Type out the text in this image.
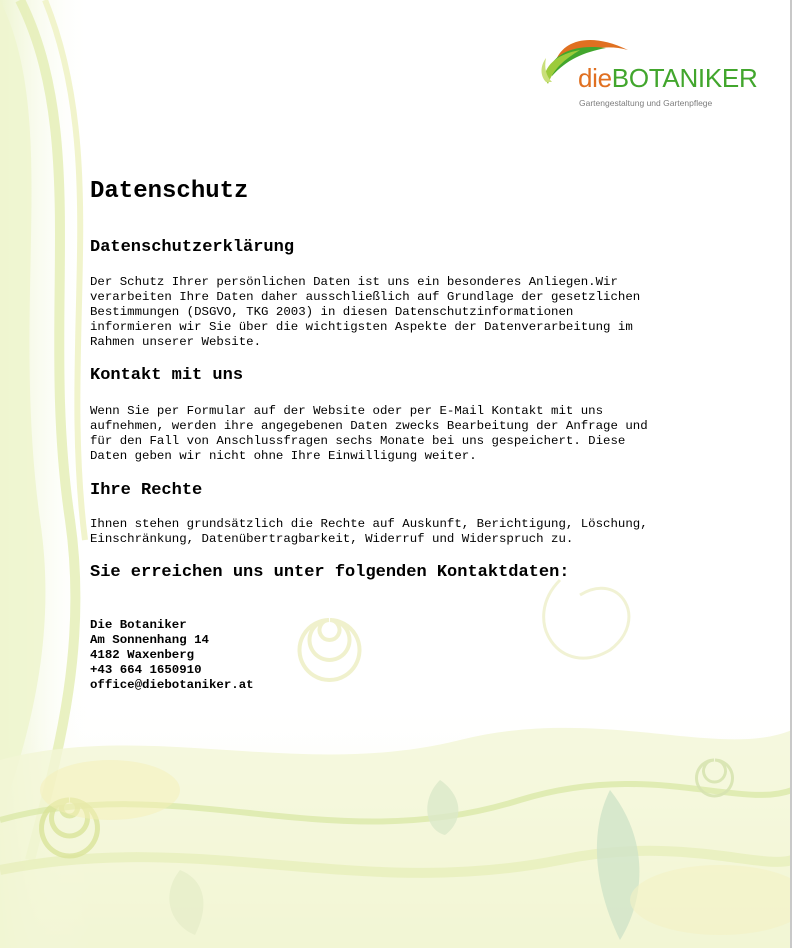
dieBOTANIKER
Gartengestaltung und Gartenpflege
Datenschutz
Datenschutzerklärung

Der Schutz Ihrer persönlichen Daten ist uns ein besonderes Anliegen.Wir
verarbeiten Ihre Daten daher ausschließlich auf Grundlage der gesetzlichen
Bestimmungen (DSGVO, TKG 2003) in diesen Datenschutzinformationen
informieren wir Sie über die wichtigsten Aspekte der Datenverarbeitung im
Rahmen unserer Website.

Kontakt mit uns

Wenn Sie per Formular auf der Website oder per E-Mail Kontakt mit uns
aufnehmen, werden ihre angegebenen Daten zwecks Bearbeitung der Anfrage und
für den Fall von Anschlussfragen sechs Monate bei uns gespeichert. Diese
Daten geben wir nicht ohne Ihre Einwilligung weiter.

Ihre Rechte

Ihnen stehen grundsätzlich die Rechte auf Auskunft, Berichtigung, Löschung,
Einschränkung, Datenübertragbarkeit, Widerruf und Widerspruch zu.

Sie erreichen uns unter folgenden Kontaktdaten:
Die Botaniker
Am Sonnenhang 14
4182 Waxenberg
+43 664 1650910
office@diebotaniker.at
